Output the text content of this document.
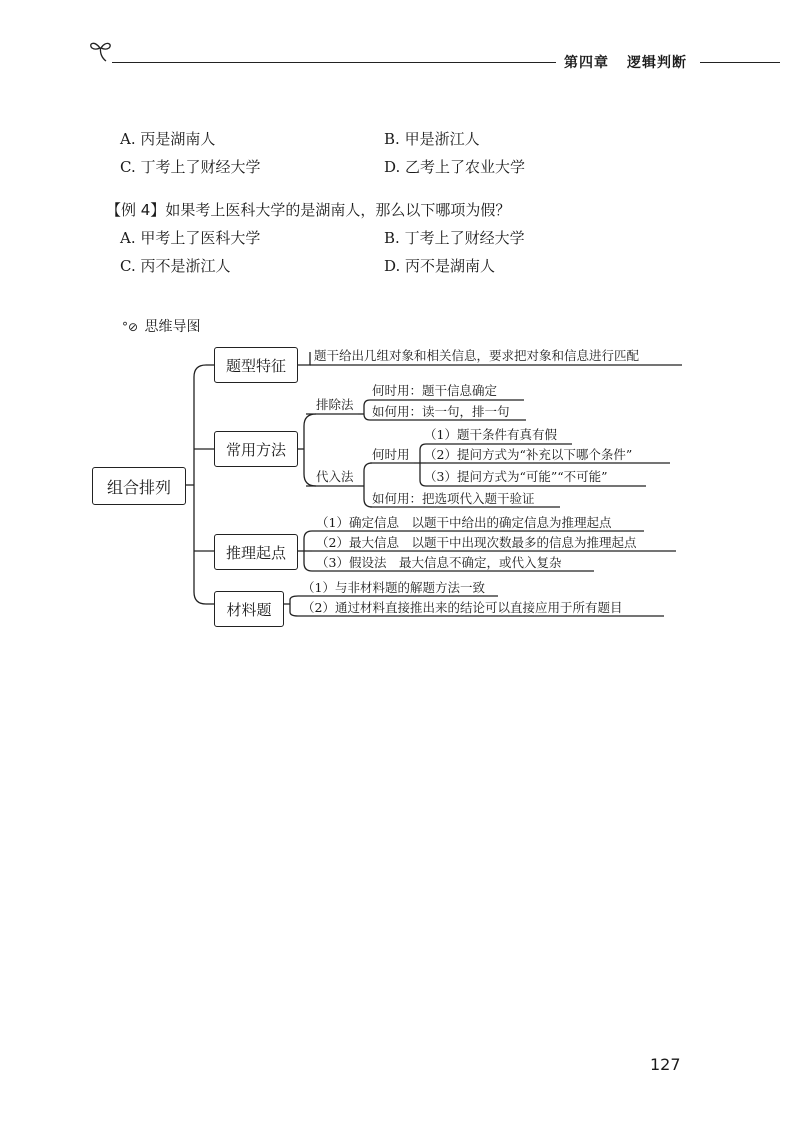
第四章 逻辑判断
A. 丙是湖南人	B. 甲是浙江人
C. 丁考上了财经大学	D. 乙考上了农业大学
【例 4】如果考上医科大学的是湖南人，那么以下哪项为假？
A. 甲考上了医科大学	B. 丁考上了财经大学
C. 丙不是浙江人	D. 丙不是湖南人
°⊘ 思维导图
组合排列
题型特征
题干给出几组对象和相关信息，要求把对象和信息进行匹配
常用方法
排除法
何时用：题干信息确定
如何用：读一句，排一句
代入法
何时用
（1）题干条件有真有假
（2）提问方式为“补充以下哪个条件”
（3）提问方式为“可能”“不可能”
如何用：把选项代入题干验证
推理起点
（1）确定信息　以题干中给出的确定信息为推理起点
（2）最大信息　以题干中出现次数最多的信息为推理起点
（3）假设法　最大信息不确定，或代入复杂
材料题
（1）与非材料题的解题方法一致
（2）通过材料直接推出来的结论可以直接应用于所有题目
127
